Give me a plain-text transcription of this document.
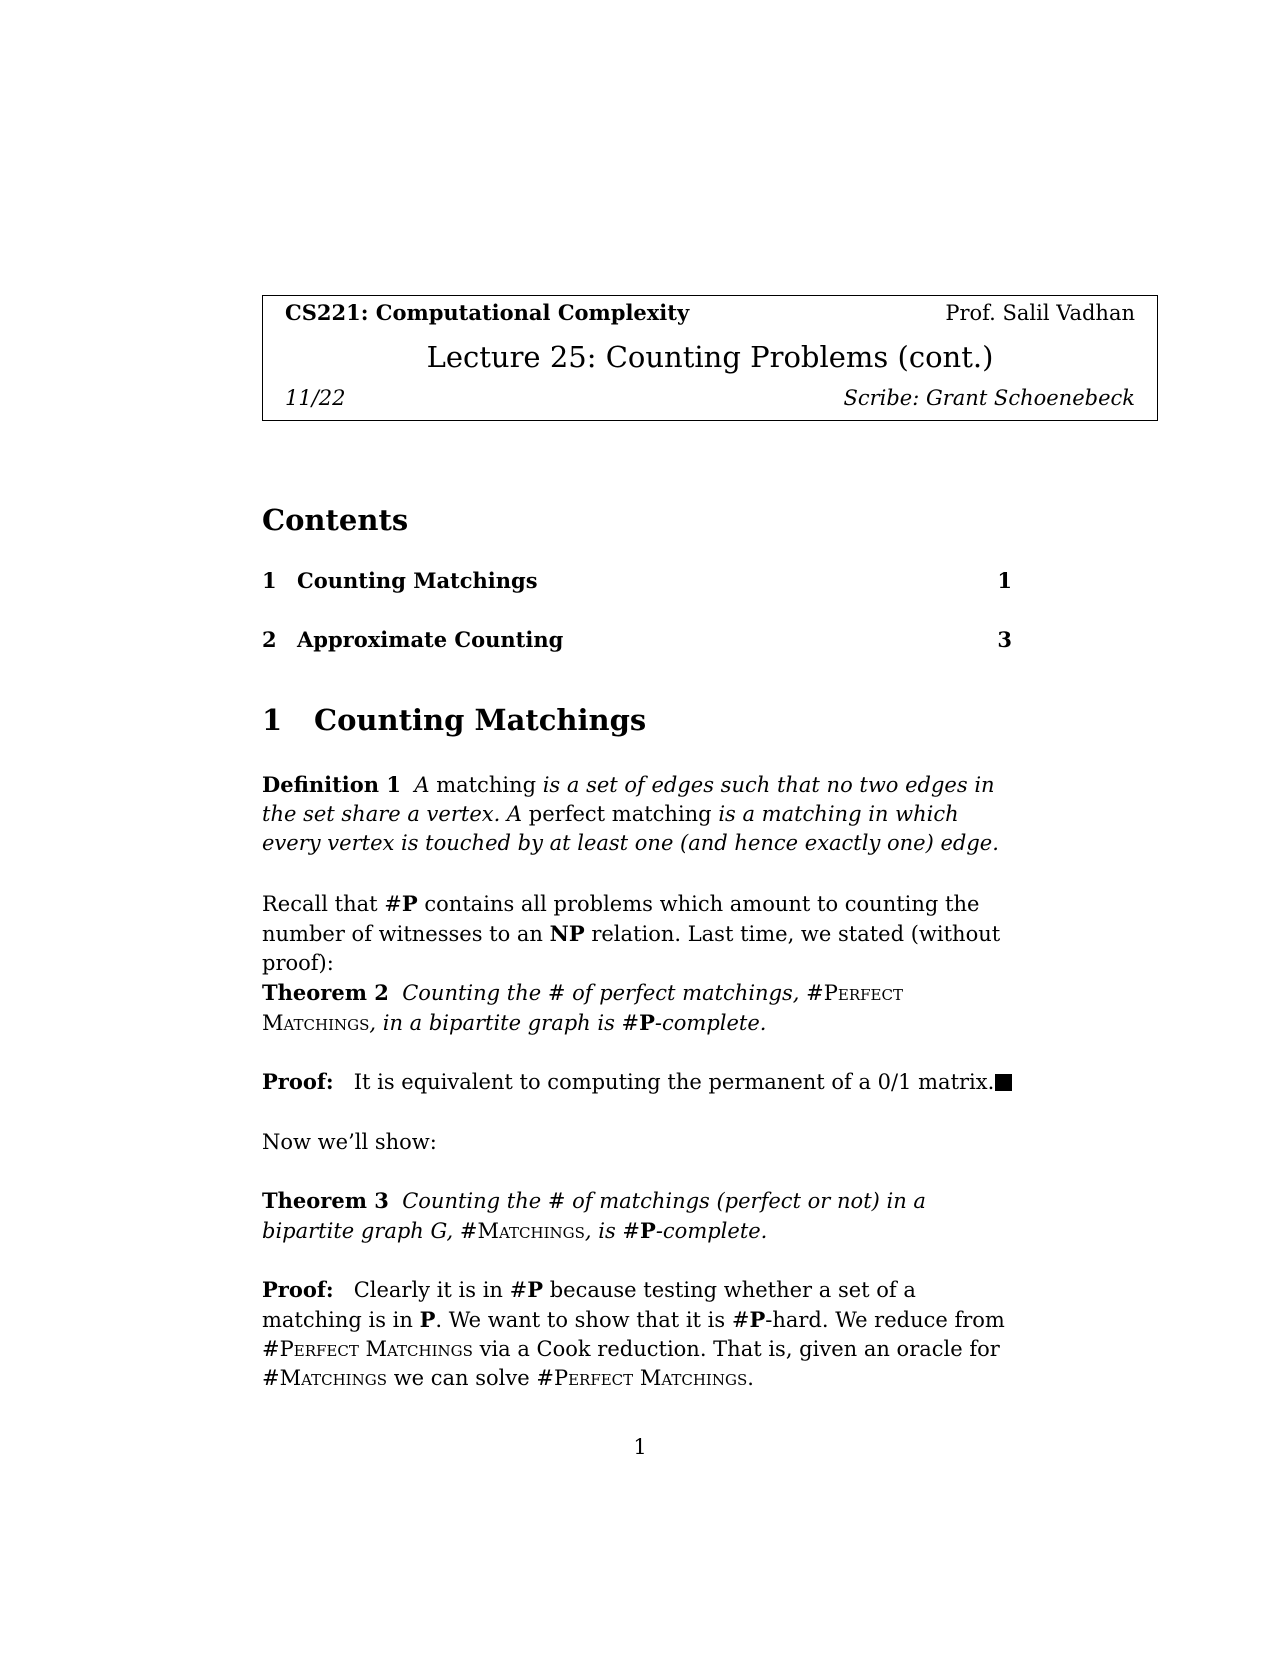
CS221: Computational Complexity	Prof. Salil Vadhan
Lecture 25: Counting Problems (cont.)
11/22	Scribe: Grant Schoenebeck
Contents
1 Counting Matchings	1
2 Approximate Counting	3
1 Counting Matchings
Definition 1 A matching is a set of edges such that no two edges in the set share a vertex. A perfect matching is a matching in which every vertex is touched by at least one (and hence exactly one) edge.
Recall that #P contains all problems which amount to counting the number of witnesses to an NP relation. Last time, we stated (without proof):
Theorem 2 Counting the # of perfect matchings, #Perfect Matchings, in a bipartite graph is #P-complete.
Proof: It is equivalent to computing the permanent of a 0/1 matrix.
Now we’ll show:
Theorem 3 Counting the # of matchings (perfect or not) in a bipartite graph G, #Matchings, is #P-complete.
Proof: Clearly it is in #P because testing whether a set of a matching is in P. We want to show that it is #P-hard. We reduce from #Perfect Matchings via a Cook reduction. That is, given an oracle for #Matchings we can solve #Perfect Matchings.
1
